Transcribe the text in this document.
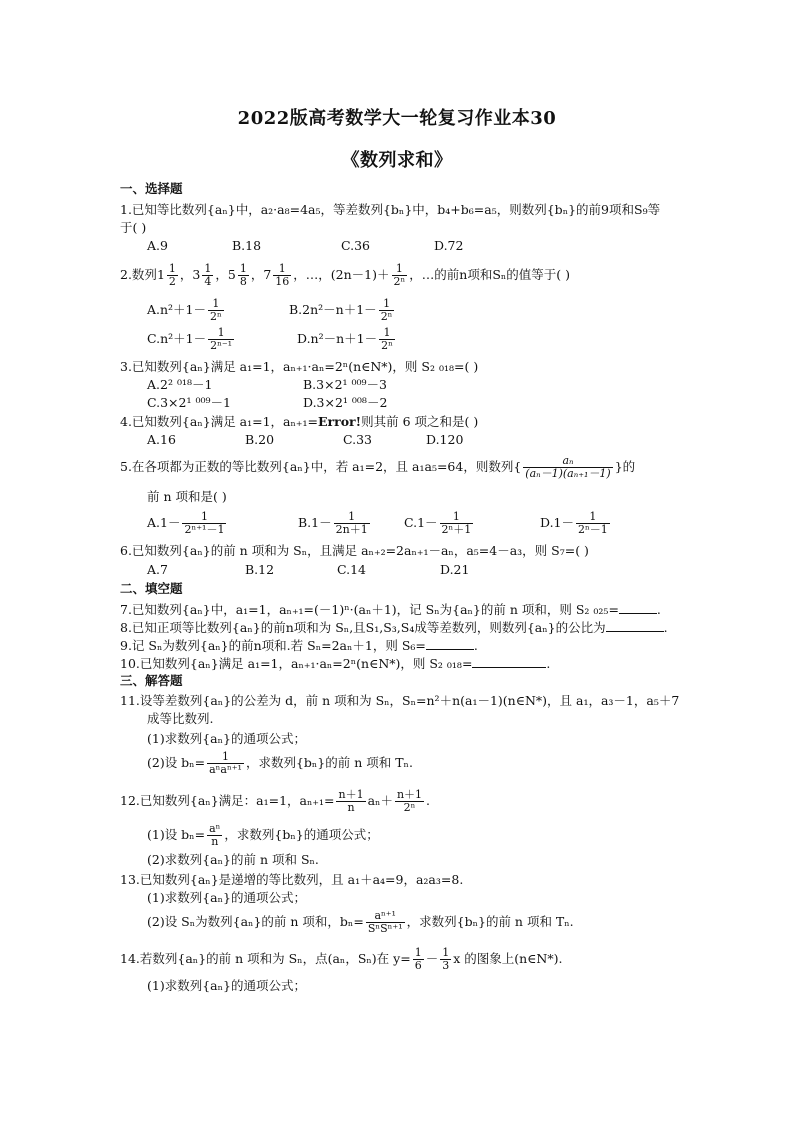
2022版高考数学大一轮复习作业本30
《数列求和》
一、选择题
1.已知等比数列{aₙ}中，a₂·a₈=4a₅，等差数列{bₙ}中，b₄+b₆=a₅，则数列{bₙ}的前9项和S₉等
于( )
A.9	B.18	C.36	D.72
2.数列$1 \frac{1}{2}$ ，$3 \frac{1}{4}$ ，$5 \frac{1}{8}$ ，$7 \frac{1}{16}$ ，…，$(2n-1)+ \frac{1}{\text{2ⁿ}}$ ，…的前n项和Sₙ的值等于( )
$A.n^2+1- \frac{1}{\text{2ⁿ}}$	$B.2n^2-n+1- \frac{1}{\text{2ⁿ}}$
$C.n^2+1- \frac{1}{\text{2ⁿ⁻¹}}$	$D.n^2-n+1- \frac{1}{\text{2ⁿ}}$
3.已知数列{aₙ}满足 a₁=1，aₙ₊₁·aₙ=2ⁿ(n∈N*)，则 S₂ ₀₁₈=( )
A.2² ⁰¹⁸－1	B.3×2¹ ⁰⁰⁹－3
C.3×2¹ ⁰⁰⁹－1	D.3×2¹ ⁰⁰⁸－2
4.已知数列{aₙ}满足 a₁=1，aₙ₊₁=Error!则其前 6 项之和是( )
A.16	B.20	C.33	D.120
5.在各项都为正数的等比数列{aₙ}中，若 a₁=2，且 a₁a₅=64，则数列{ $\frac{\text{aₙ}}{\text{(aₙ－1)(aₙ₊₁－1)}}$ }的
前 n 项和是( )
$A.1- \frac{1}{\text{2ⁿ⁺¹－1}}$	$B.1- \frac{1}{2n+1}$	$C.1- \frac{1}{\text{2ⁿ＋1}}$	$D.1- \frac{1}{\text{2ⁿ－1}}$
6.已知数列{aₙ}的前 n 项和为 Sₙ，且满足 aₙ₊₂=2aₙ₊₁－aₙ，a₅=4－a₃，则 S₇=( )
A.7	B.12	C.14	D.21
二、填空题
7.已知数列{aₙ}中，a₁=1，aₙ₊₁=(－1)ⁿ·(aₙ＋1)，记 Sₙ为{aₙ}的前 n 项和，则 S₂ ₀₂₅=	.
8.已知正项等比数列{aₙ}的前n项和为 Sₙ,且S₁,S₃,S₄成等差数列，则数列{aₙ}的公比为	.
9.记 Sₙ为数列{aₙ}的前n项和.若 Sₙ=2aₙ＋1，则 S₆=	.
10.已知数列{aₙ}满足 a₁=1，aₙ₊₁·aₙ=2ⁿ(n∈N*)，则 S₂ ₀₁₈=	.
三、解答题
11.设等差数列{aₙ}的公差为 d，前 n 项和为 Sₙ，Sₙ=n²＋n(a₁－1)(n∈N*)，且 a₁，a₃－1，a₅＋7
成等比数列.
(1)求数列{aₙ}的通项公式；
(2)设 $b_n= \frac{1}{\text{aⁿaⁿ⁺¹}}$ ，求数列{bₙ}的前 n 项和 Tₙ.
12.已知数列{aₙ}满足：a₁=1，$a_{n+1}= \frac{n+1}{n} a_n+ \frac{n+1}{\text{2ⁿ}}$ .
(1)设 $b_n= \frac{\text{aⁿ}}{n}$ ，求数列{bₙ}的通项公式；
(2)求数列{aₙ}的前 n 项和 Sₙ.
13.已知数列{aₙ}是递增的等比数列，且 a₁＋a₄=9，a₂a₃=8.
(1)求数列{aₙ}的通项公式；
(2)设 Sₙ为数列{aₙ}的前 n 项和，$b_n= \frac{\text{aⁿ⁺¹}}{\text{SⁿSⁿ⁺¹}}$ ，求数列{bₙ}的前 n 项和 Tₙ.
14.若数列{aₙ}的前 n 项和为 Sₙ，点(aₙ，Sₙ)在 $y= \frac{1}{6} - \frac{1}{3}$ x 的图象上(n∈N*).
(1)求数列{aₙ}的通项公式；
